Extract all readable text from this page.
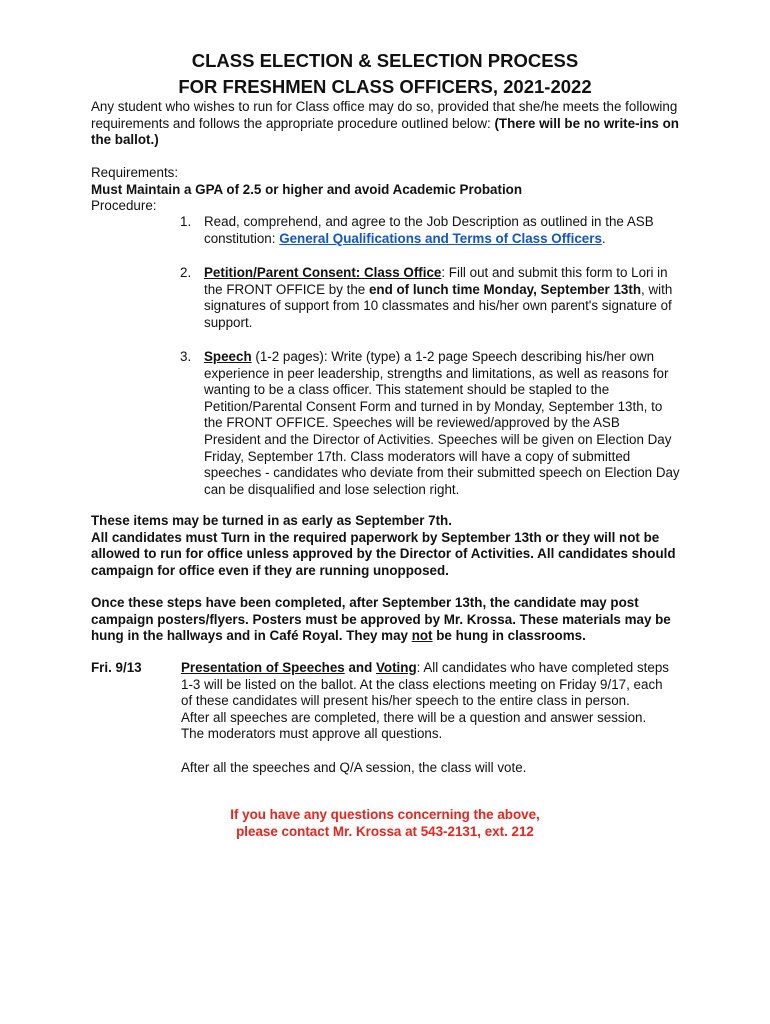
CLASS ELECTION & SELECTION PROCESS
FOR FRESHMEN CLASS OFFICERS, 2021-2022

Any student who wishes to run for Class office may do so, provided that she/he meets the following requirements and follows the appropriate procedure outlined below: (There will be no write-ins on the ballot.)

Requirements:

Must Maintain a GPA of 2.5 or higher and avoid Academic Probation

Procedure:

1. Read, comprehend, and agree to the Job Description as outlined in the ASB constitution: General Qualifications and Terms of Class Officers.
2. Petition/Parent Consent: Class Office: Fill out and submit this form to Lori in the FRONT OFFICE by the end of lunch time Monday, September 13th, with signatures of support from 10 classmates and his/her own parent's signature of support.
3. Speech (1-2 pages): Write (type) a 1-2 page Speech describing his/her own experience in peer leadership, strengths and limitations, as well as reasons for wanting to be a class officer. This statement should be stapled to the Petition/Parental Consent Form and turned in by Monday, September 13th, to the FRONT OFFICE. Speeches will be reviewed/approved by the ASB President and the Director of Activities. Speeches will be given on Election Day Friday, September 17th. Class moderators will have a copy of submitted speeches - candidates who deviate from their submitted speech on Election Day can be disqualified and lose selection right.

These items may be turned in as early as September 7th.

All candidates must Turn in the required paperwork by September 13th or they will not be allowed to run for office unless approved by the Director of Activities. All candidates should campaign for office even if they are running unopposed.

Once these steps have been completed, after September 13th, the candidate may post campaign posters/flyers. Posters must be approved by Mr. Krossa. These materials may be hung in the hallways and in Café Royal. They may not be hung in classrooms.

Fri. 9/13	Presentation of Speeches and Voting: All candidates who have completed steps 1-3 will be listed on the ballot. At the class elections meeting on Friday 9/17, each of these candidates will present his/her speech to the entire class in person.

After all speeches are completed, there will be a question and answer session. The moderators must approve all questions.

After all the speeches and Q/A session, the class will vote.

If you have any questions concerning the above,

please contact Mr. Krossa at 543-2131, ext. 212
